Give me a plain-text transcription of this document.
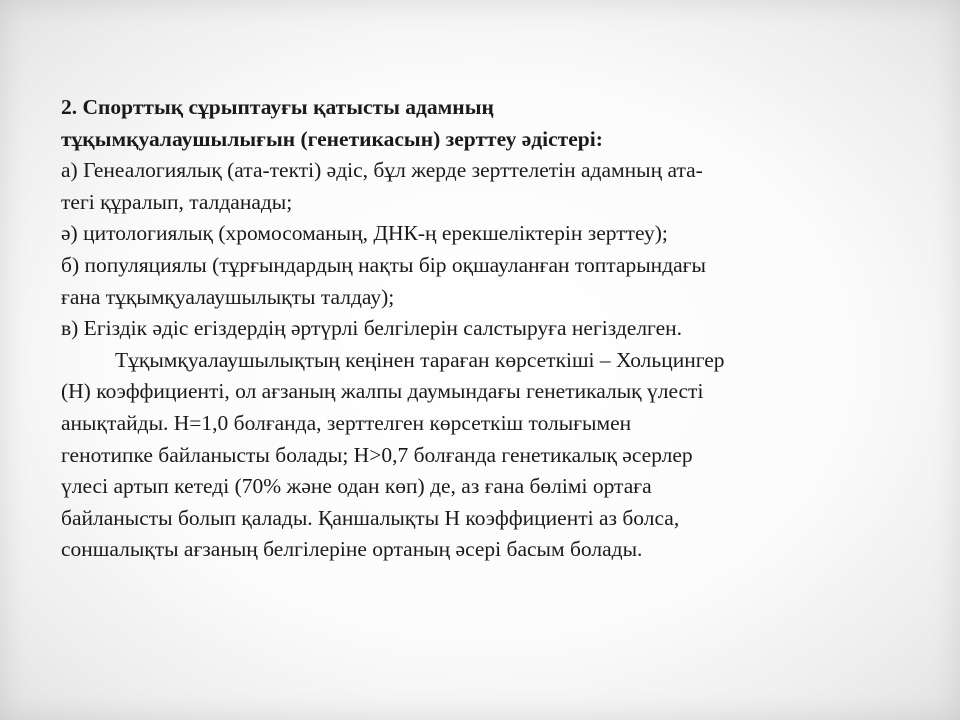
2. Спорттық сұрыптауғы қатысты адамның
тұқымқуалаушылығын (генетикасын) зерттеу әдістері:
а) Генеалогиялық (ата-текті) әдіс, бұл жерде зерттелетін адамның ата-
тегі құралып, талданады;
ә) цитологиялық (хромосоманың, ДНК-ң ерекшеліктерін зерттеу);
б) популяциялы (тұрғындардың нақты бір оқшауланған топтарындағы
ғана тұқымқуалаушылықты талдау);
в) Егіздік әдіс егіздердің әртүрлі белгілерін салстыруға негізделген.
Тұқымқуалаушылықтың кеңінен тараған көрсеткіші – Хольцингер
(Н) коэффициенті, ол ағзаның жалпы даумындағы генетикалық үлесті
анықтайды. Н=1,0 болғанда, зерттелген көрсеткіш толығымен
генотипке байланысты болады; Н>0,7 болғанда генетикалық әсерлер
үлесі артып кетеді (70% және одан көп) де, аз ғана бөлімі ортаға
байланысты болып қалады. Қаншалықты Н коэффициенті аз болса,
соншалықты ағзаның белгілеріне ортаның әсері басым болады.
